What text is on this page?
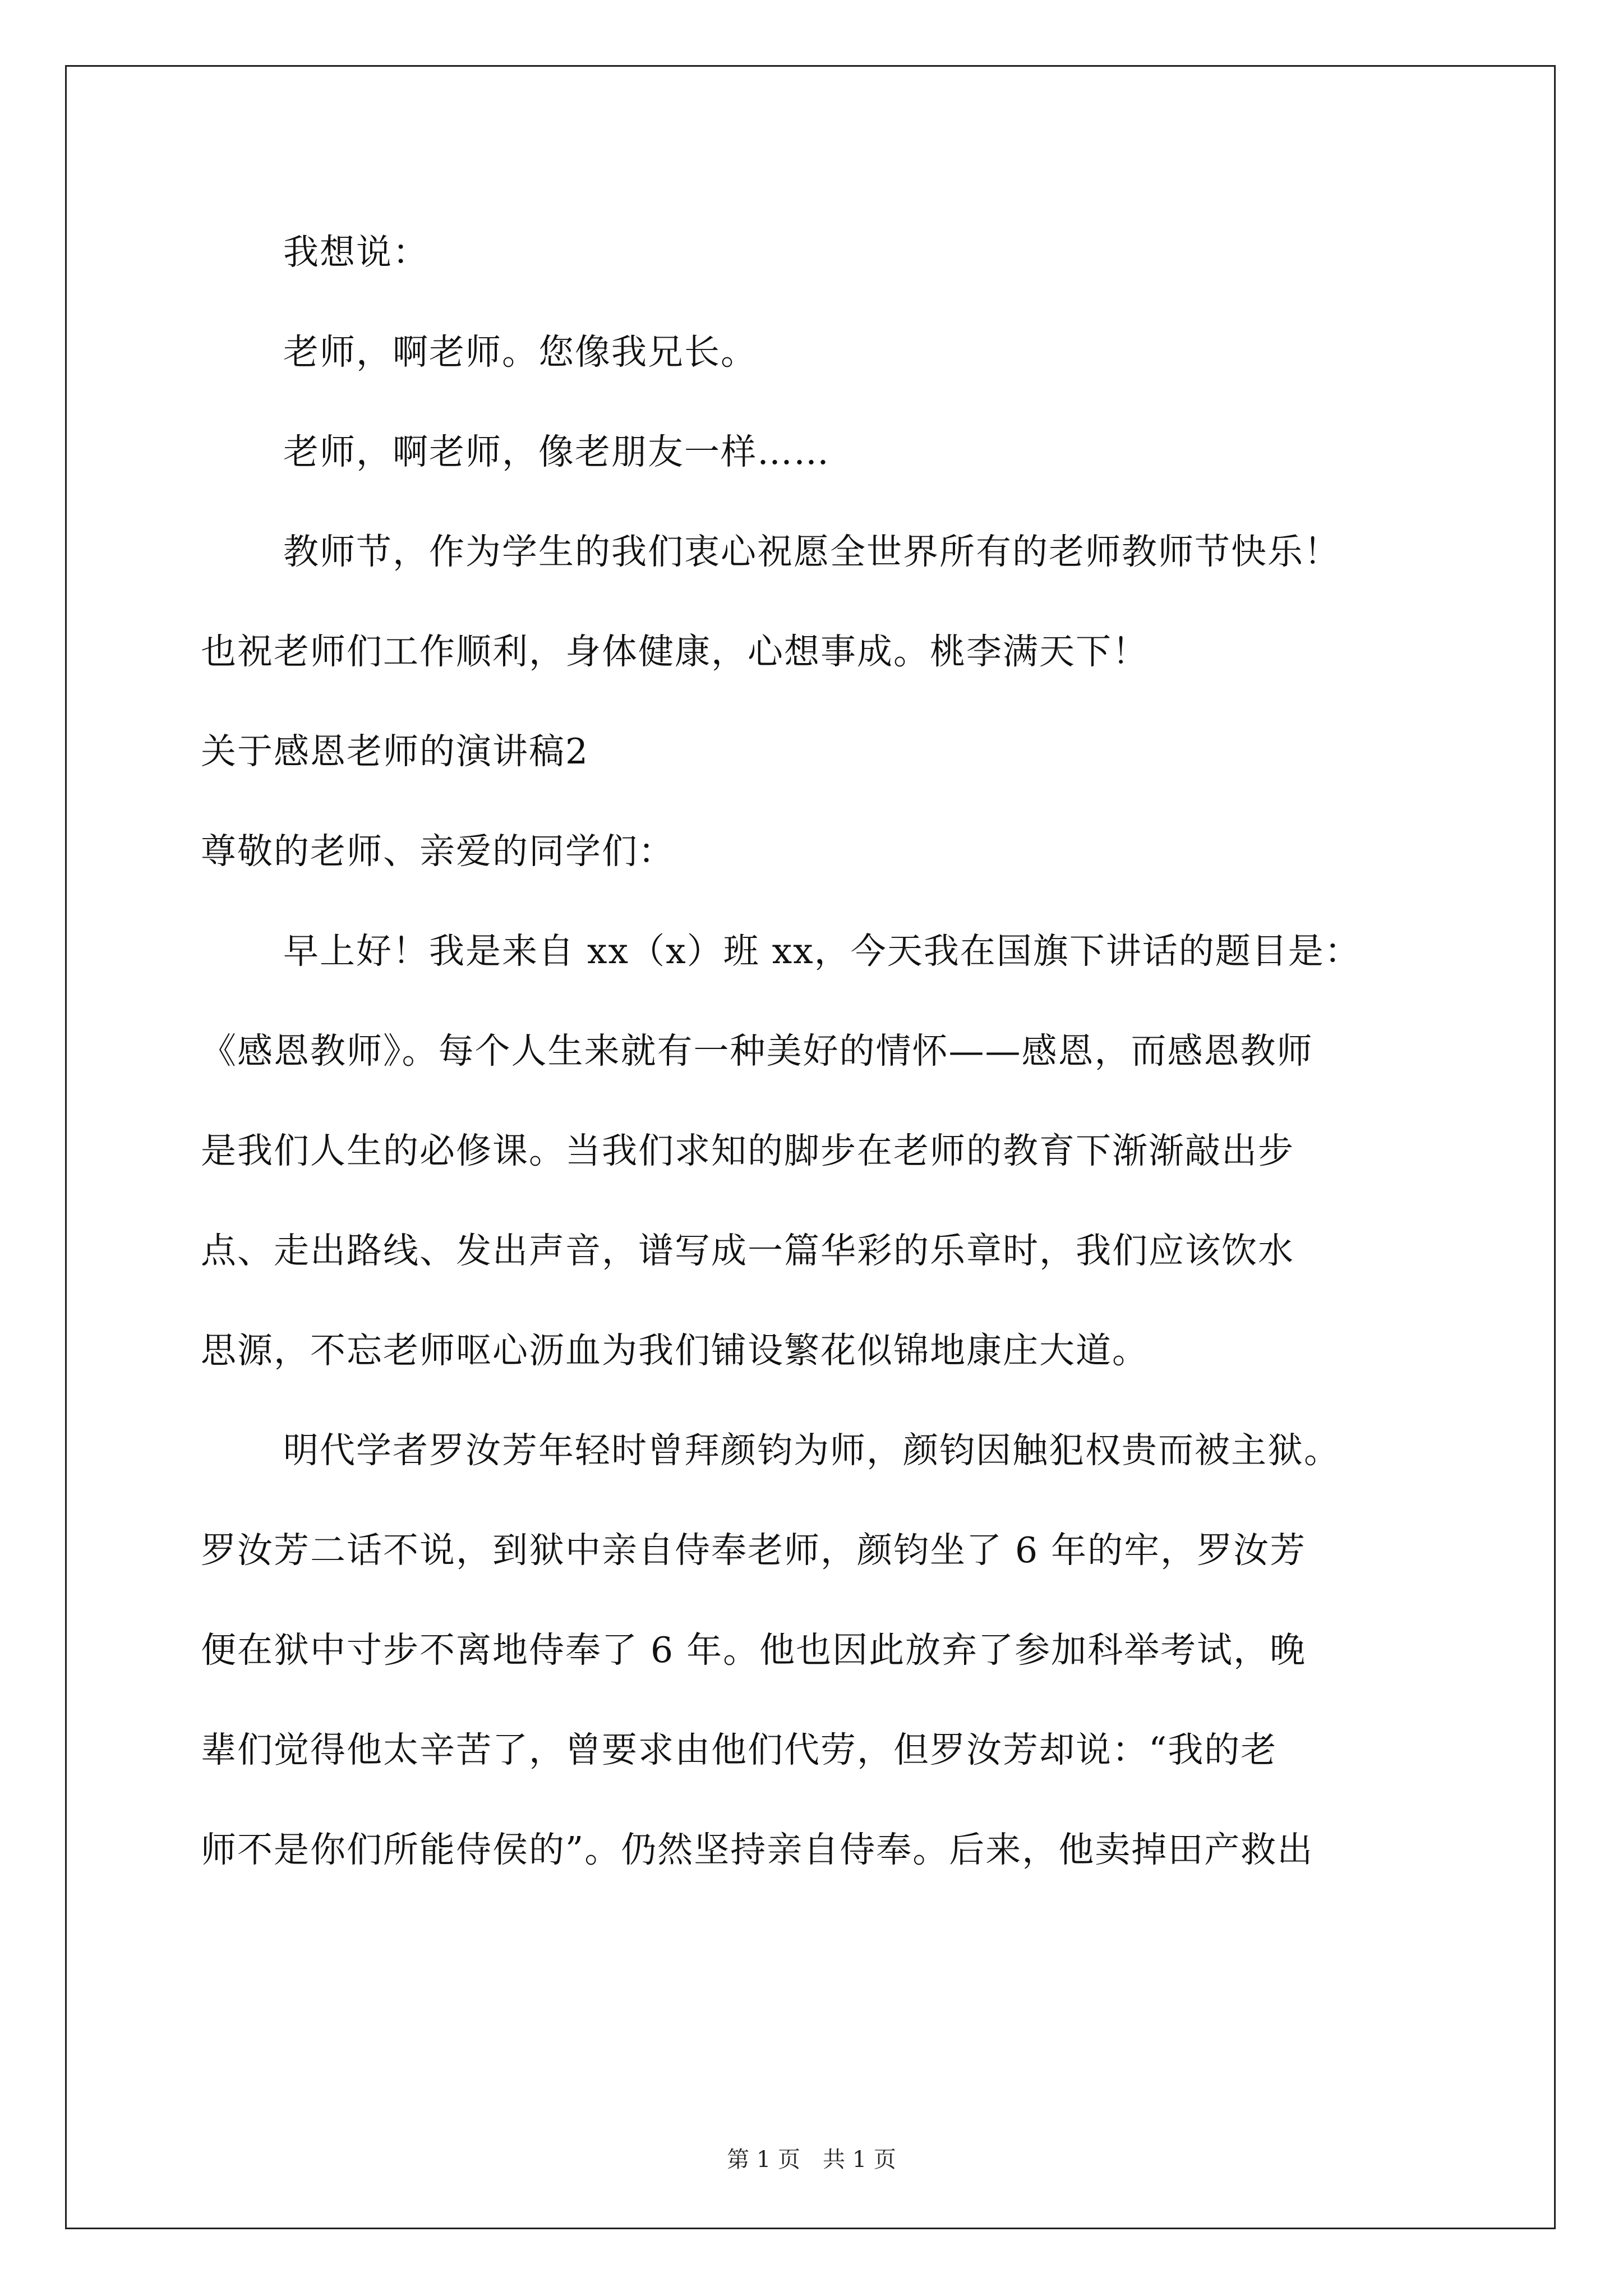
我想说：
老师，啊老师。您像我兄长。
老师，啊老师，像老朋友一样……
教师节，作为学生的我们衷心祝愿全世界所有的老师教师节快乐！
也祝老师们工作顺利，身体健康，心想事成。桃李满天下！
关于感恩老师的演讲稿2
尊敬的老师、亲爱的同学们：
早上好！我是来自 xx（x）班 xx，今天我在国旗下讲话的题目是：
《感恩教师》。每个人生来就有一种美好的情怀——感恩，而感恩教师
是我们人生的必修课。当我们求知的脚步在老师的教育下渐渐敲出步
点、走出路线、发出声音，谱写成一篇华彩的乐章时，我们应该饮水
思源，不忘老师呕心沥血为我们铺设繁花似锦地康庄大道。
明代学者罗汝芳年轻时曾拜颜钧为师，颜钧因触犯权贵而被主狱。
罗汝芳二话不说，到狱中亲自侍奉老师，颜钧坐了 6 年的牢，罗汝芳
便在狱中寸步不离地侍奉了 6 年。他也因此放弃了参加科举考试，晚
辈们觉得他太辛苦了，曾要求由他们代劳，但罗汝芳却说：“我的老
师不是你们所能侍侯的”。仍然坚持亲自侍奉。后来，他卖掉田产救出
第 1 页　共 1 页
